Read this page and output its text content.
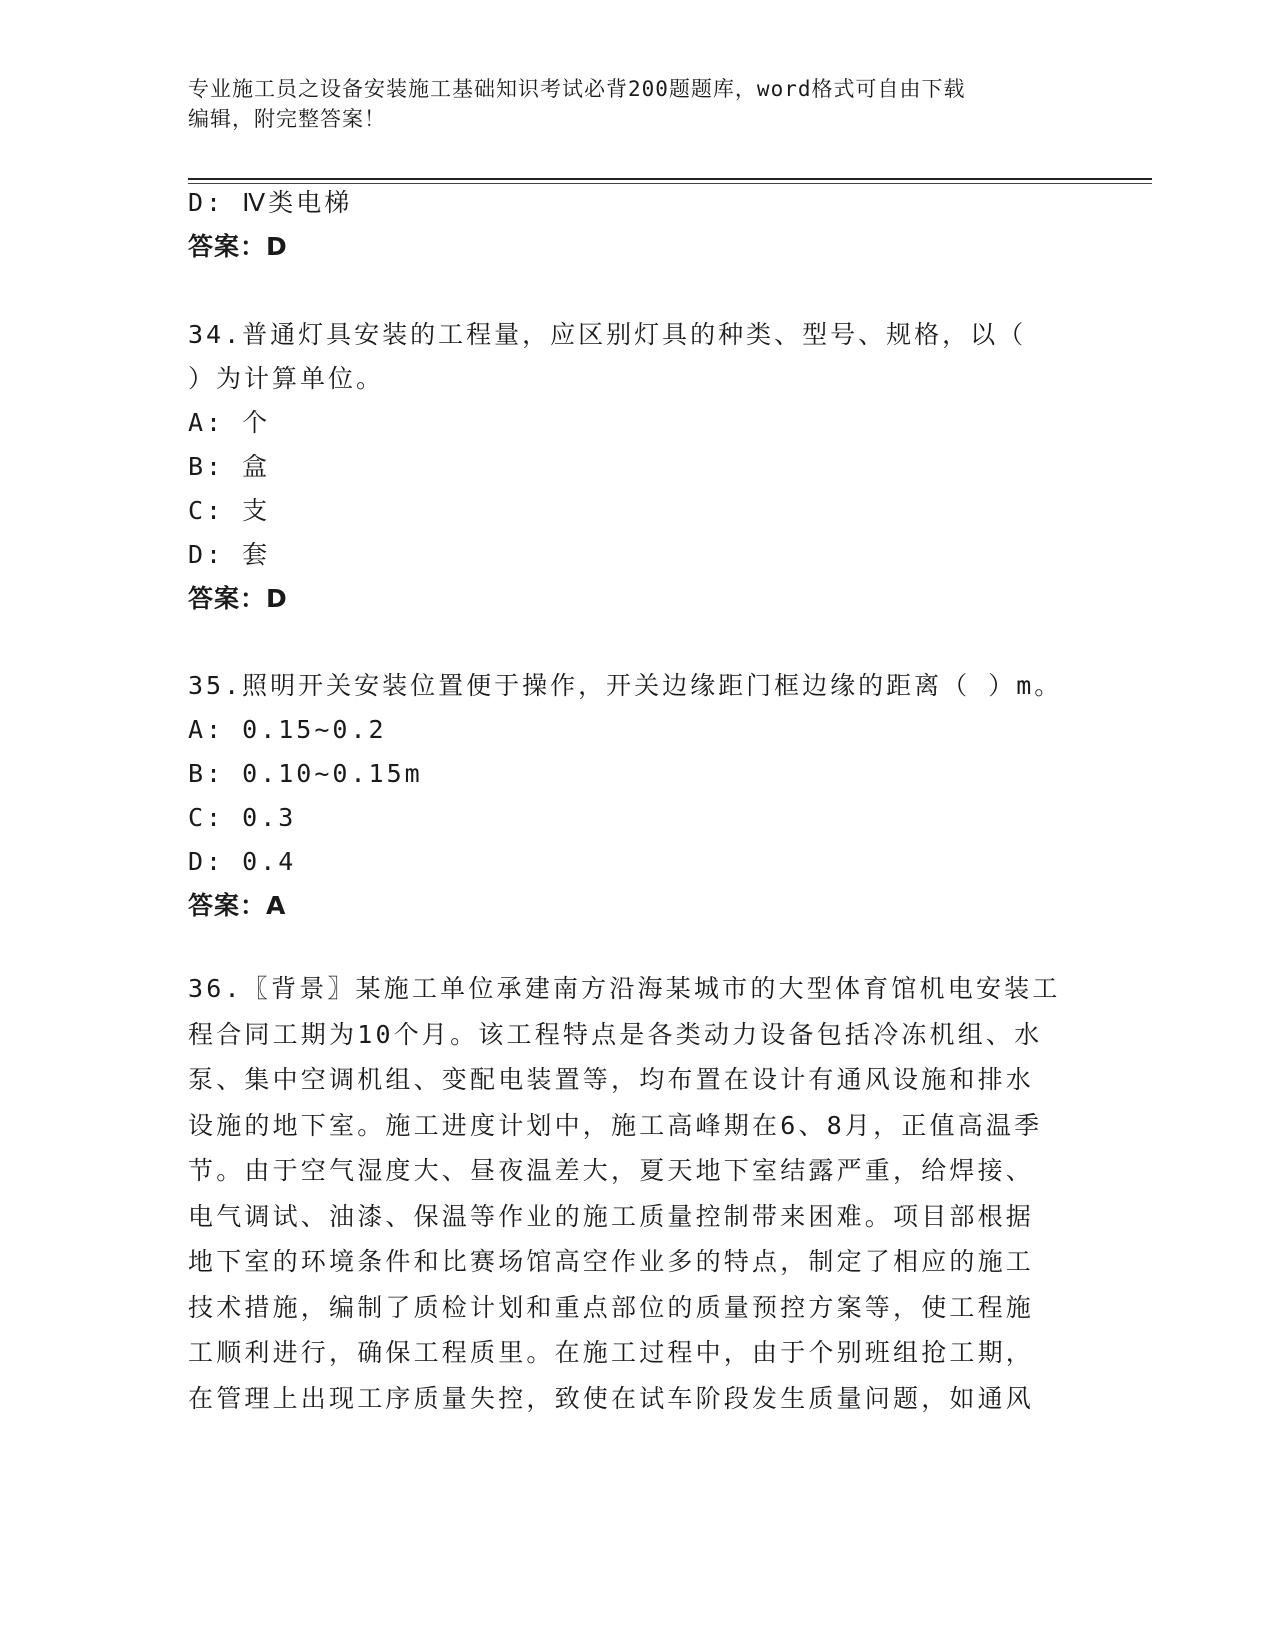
专业施工员之设备安装施工基础知识考试必背200题题库，word格式可自由下载
编辑，附完整答案！
D: Ⅳ类电梯
答案：D
34.普通灯具安装的工程量，应区别灯具的种类、型号、规格，以（
）为计算单位。
A: 个
B: 盒
C: 支
D: 套
答案：D
35.照明开关安装位置便于操作，开关边缘距门框边缘的距离（ ）m。
A: 0.15~0.2
B: 0.10~0.15m
C: 0.3
D: 0.4
答案：A
36.〖背景〗某施工单位承建南方沿海某城市的大型体育馆机电安装工
程合同工期为10个月。该工程特点是各类动力设备包括冷冻机组、水
泵、集中空调机组、变配电装置等，均布置在设计有通风设施和排水
设施的地下室。施工进度计划中，施工高峰期在6、8月，正值高温季
节。由于空气湿度大、昼夜温差大，夏天地下室结露严重，给焊接、
电气调试、油漆、保温等作业的施工质量控制带来困难。项目部根据
地下室的环境条件和比赛场馆高空作业多的特点，制定了相应的施工
技术措施，编制了质检计划和重点部位的质量预控方案等，使工程施
工顺利进行，确保工程质里。在施工过程中，由于个别班组抢工期，
在管理上出现工序质量失控，致使在试车阶段发生质量问题，如通风
